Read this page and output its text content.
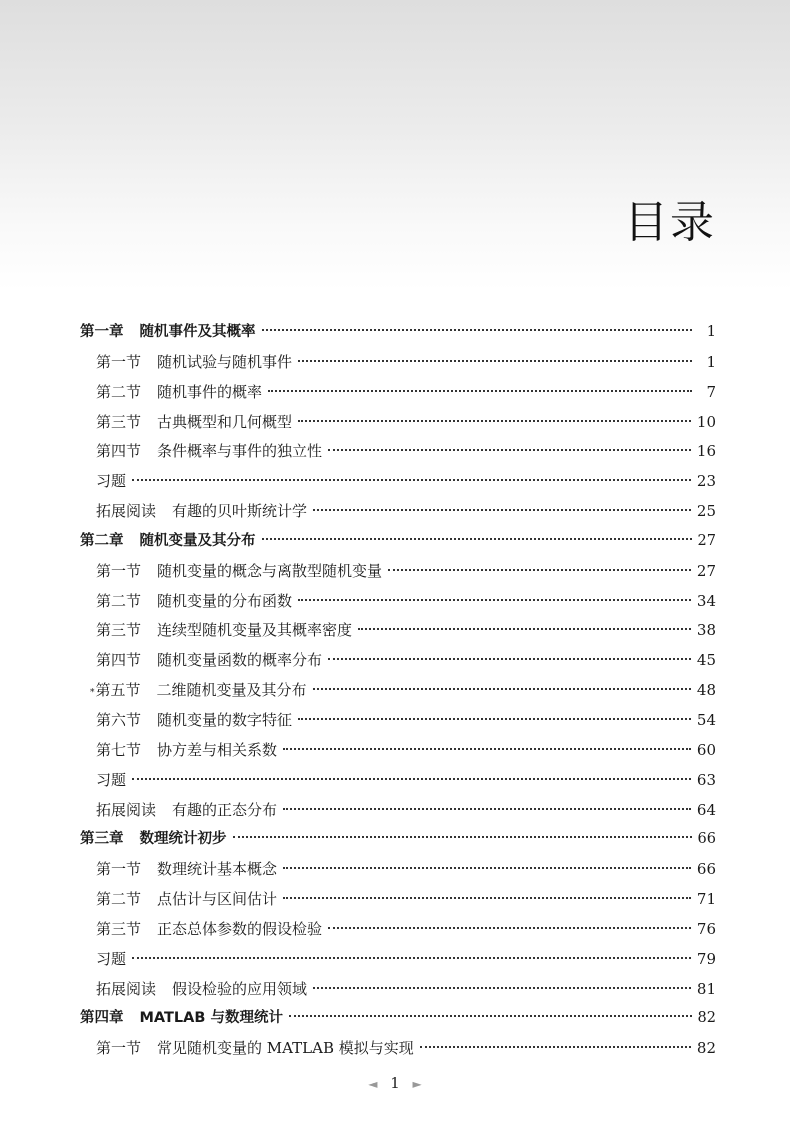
目录
第一章 随机事件及其概率	1
第一节 随机试验与随机事件	1
第二节 随机事件的概率	7
第三节 古典概型和几何概型	10
第四节 条件概率与事件的独立性	16
习题	23
拓展阅读 有趣的贝叶斯统计学	25
第二章 随机变量及其分布	27
第一节 随机变量的概念与离散型随机变量	27
第二节 随机变量的分布函数	34
第三节 连续型随机变量及其概率密度	38
第四节 随机变量函数的概率分布	45
* 第五节 二维随机变量及其分布	48
第六节 随机变量的数字特征	54
第七节 协方差与相关系数	60
习题	63
拓展阅读 有趣的正态分布	64
第三章 数理统计初步	66
第一节 数理统计基本概念	66
第二节 点估计与区间估计	71
第三节 正态总体参数的假设检验	76
习题	79
拓展阅读 假设检验的应用领域	81
第四章 MATLAB 与数理统计	82
第一节 常见随机变量的 MATLAB 模拟与实现	82
◄ 1 ►
